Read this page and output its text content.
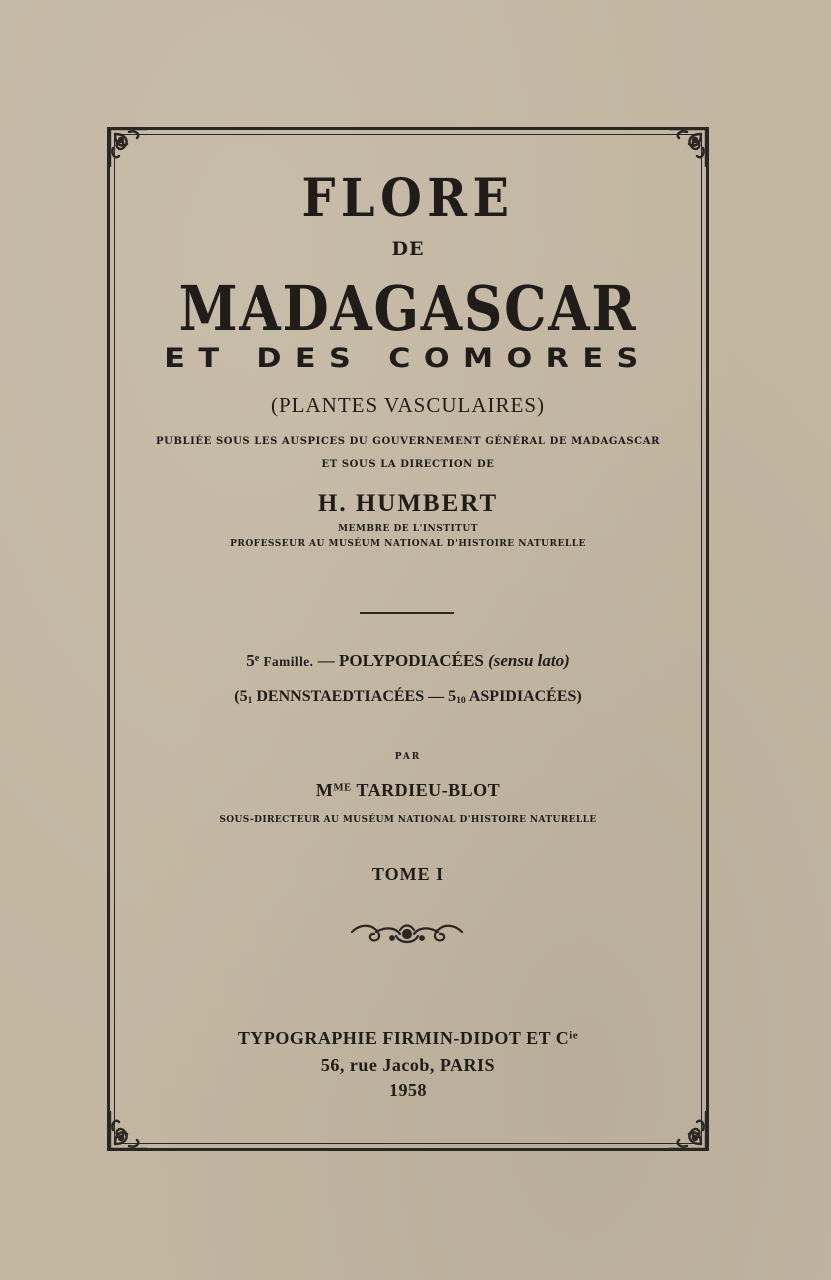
FLORE
DE
MADAGASCAR
ET DES COMORES
(PLANTES VASCULAIRES)
PUBLIÉE SOUS LES AUSPICES DU GOUVERNEMENT GÉNÉRAL DE MADAGASCAR
ET SOUS LA DIRECTION DE
H. HUMBERT
MEMBRE DE L'INSTITUT
PROFESSEUR AU MUSÉUM NATIONAL D'HISTOIRE NATURELLE
5e Famille. — POLYPODIACÉES (sensu lato)
($5_1$ DENNSTAEDTIACÉES — $5_{10}$ ASPIDIACÉES)
PAR
$M^{ME}$ TARDIEU-BLOT
SOUS-DIRECTEUR AU MUSÉUM NATIONAL D'HISTOIRE NATURELLE
TOME I
TYPOGRAPHIE FIRMIN-DIDOT ET $C^{ie}$
56, rue Jacob, PARIS
1958
